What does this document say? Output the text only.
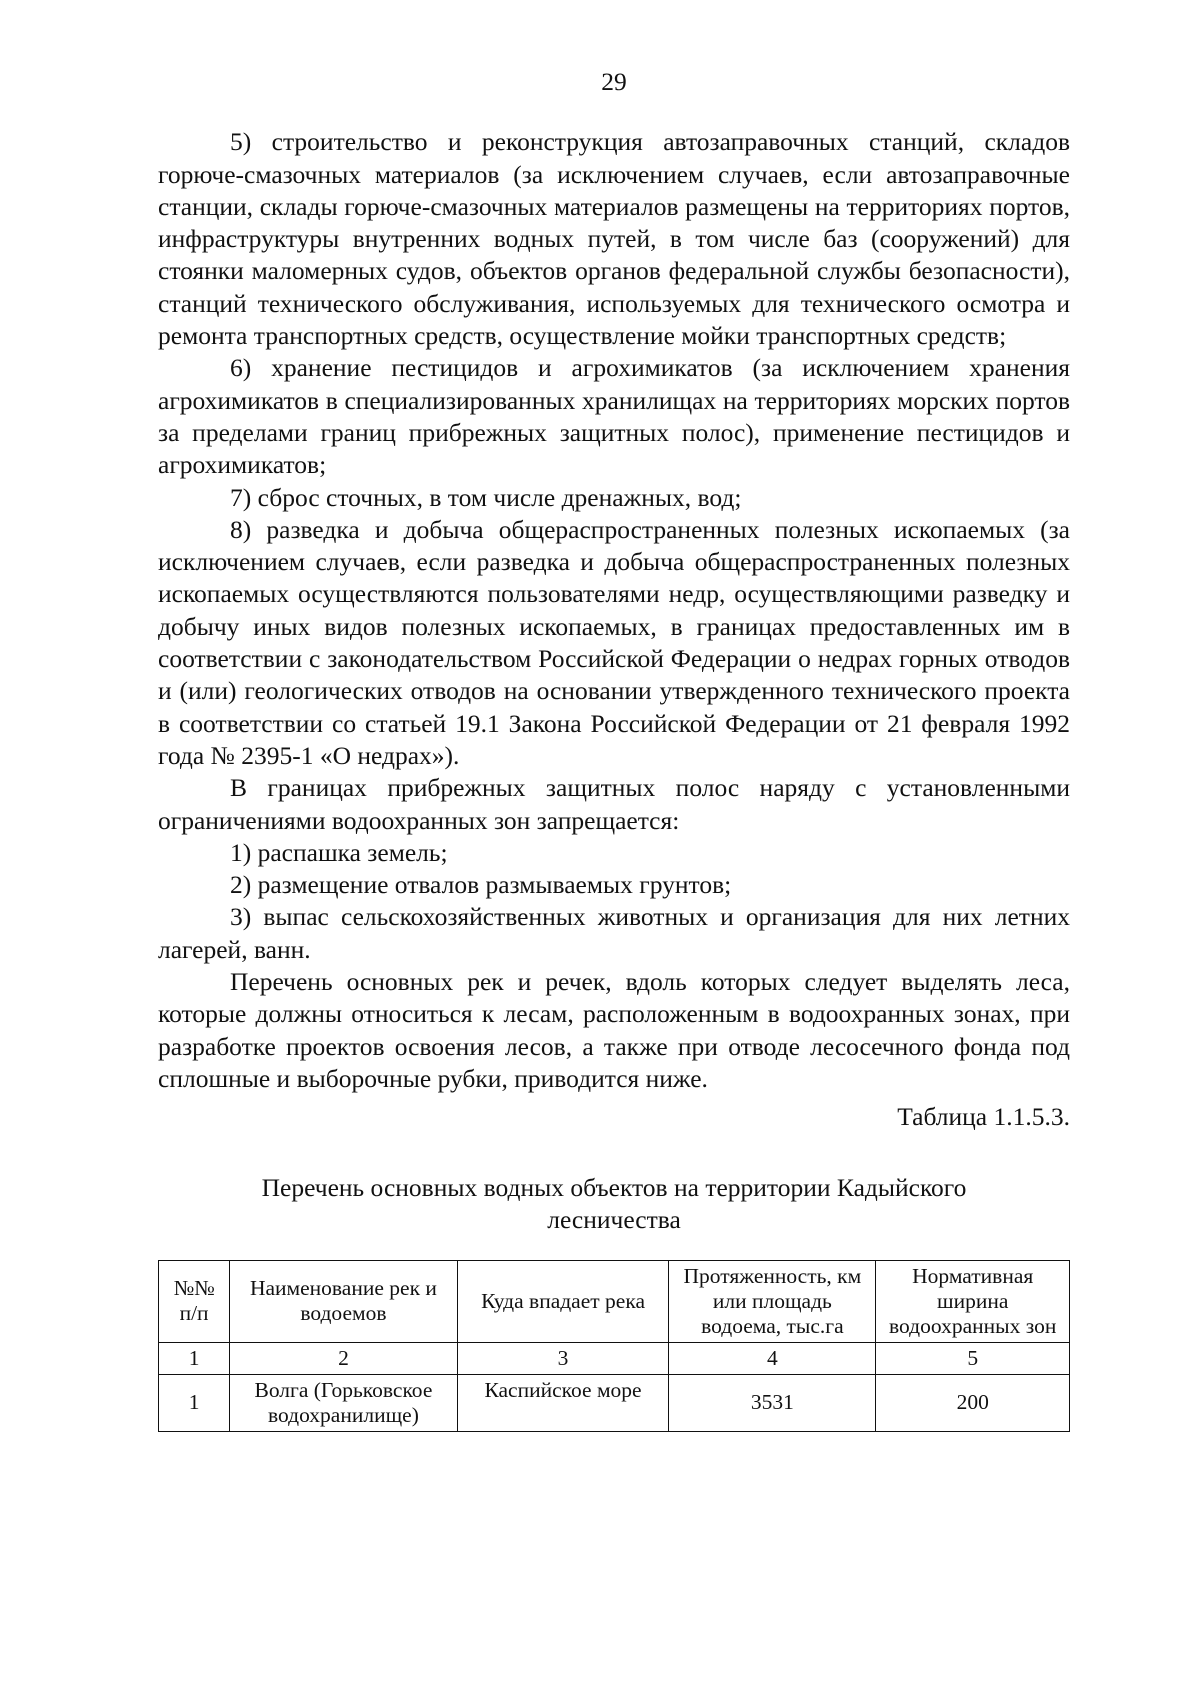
29

5) строительство и реконструкция автозаправочных станций, складов горюче-смазочных материалов (за исключением случаев, если автозаправочные станции, склады горюче-смазочных материалов размещены на территориях портов, инфраструктуры внутренних водных путей, в том числе баз (сооружений) для стоянки маломерных судов, объектов органов федеральной службы безопасности), станций технического обслуживания, используемых для технического осмотра и ремонта транспортных средств, осуществление мойки транспортных средств;

6) хранение пестицидов и агрохимикатов (за исключением хранения агрохимикатов в специализированных хранилищах на территориях морских портов за пределами границ прибрежных защитных полос), применение пестицидов и агрохимикатов;

7) сброс сточных, в том числе дренажных, вод;

8) разведка и добыча общераспространенных полезных ископаемых (за исключением случаев, если разведка и добыча общераспространенных полезных ископаемых осуществляются пользователями недр, осуществляющими разведку и добычу иных видов полезных ископаемых, в границах предоставленных им в соответствии с законодательством Российской Федерации о недрах горных отводов и (или) геологических отводов на основании утвержденного технического проекта в соответствии со статьей 19.1 Закона Российской Федерации от 21 февраля 1992 года № 2395-1 «О недрах»).

В границах прибрежных защитных полос наряду с установленными ограничениями водоохранных зон запрещается:

1) распашка земель;

2) размещение отвалов размываемых грунтов;

3) выпас сельскохозяйственных животных и организация для них летних лагерей, ванн.

Перечень основных рек и речек, вдоль которых следует выделять леса, которые должны относиться к лесам, расположенным в водоохранных зонах, при разработке проектов освоения лесов, а также при отводе лесосечного фонда под сплошные и выборочные рубки, приводится ниже.

Таблица 1.1.5.3.
Перечень основных водных объектов на территории Кадыйского лесничества
№№ п/п	Наименование рек и водоемов	Куда впадает река	Протяженность, км или площадь водоема, тыс.га	Нормативная ширина водоохранных зон
1	2	3	4	5
1	Волга (Горьковское водохранилище)	Каспийское море	3531	200
